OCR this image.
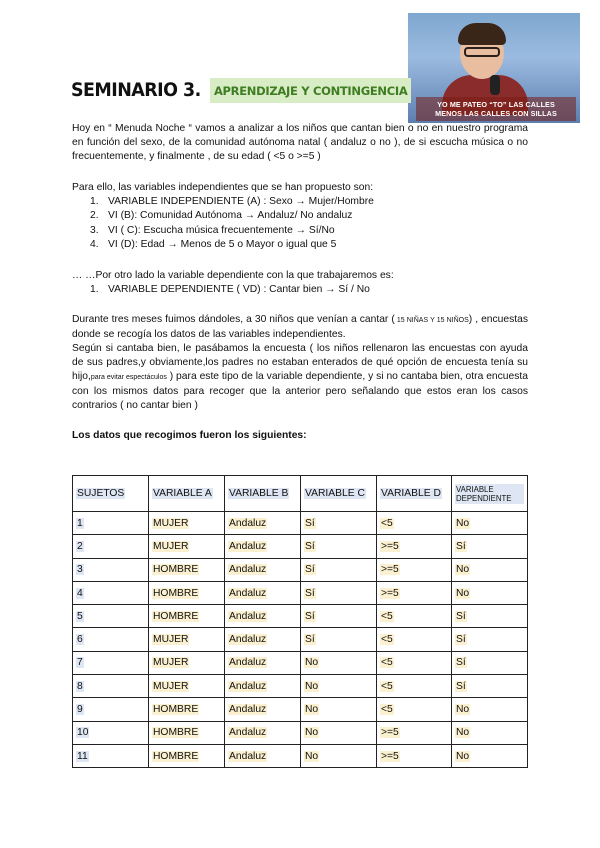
YO ME PATEO “TO” LAS CALLES
MENOS LAS CALLES CON SILLAS
SEMINARIO 3.	APRENDIZAJE Y CONTINGENCIA

Hoy en “ Menuda Noche “ vamos a analizar a los niños que cantan bien o no en nuestro programa en función del sexo, de la comunidad autónoma natal ( andaluz o no ), de si escucha música o no frecuentemente, y finalmente , de su edad ( <5 o >=5 )

Para ello, las variables independientes que se han propuesto son:

1. VARIABLE INDEPENDIENTE (A) : Sexo → Mujer/Hombre
2. VI (B): Comunidad Autónoma → Andaluz/ No andaluz
3. VI ( C): Escucha música frecuentemente → Sí/No
4. VI (D): Edad → Menos de 5 o Mayor o igual que 5

… …Por otro lado la variable dependiente con la que trabajaremos es:

1. VARIABLE DEPENDIENTE ( VD) : Cantar bien → Sí / No

Durante tres meses fuimos dándoles, a 30 niños que venían a cantar ( 15 NIÑAS Y 15 NIÑOS) , encuestas donde se recogía los datos de las variables independientes.

Según si cantaba bien, le pasábamos la encuesta ( los niños rellenaron las encuestas con ayuda de sus padres,y obviamente,los padres no estaban enterados de qué opción de encuesta tenía su hijo,para evitar espectáculos ) para este tipo de la variable dependiente, y si no cantaba bien, otra encuesta con los mismos datos para recoger que la anterior pero señalando que estos eran los casos contrarios ( no cantar bien )

Los datos que recogimos fueron los siguientes:
SUJETOS	VARIABLE A	VARIABLE B	VARIABLE C	VARIABLE D	VARIABLE DEPENDIENTE
1	MUJER	Andaluz	Sí	<5	No
2	MUJER	Andaluz	Sí	>=5	Sí
3	HOMBRE	Andaluz	Sí	>=5	No
4	HOMBRE	Andaluz	Sí	>=5	No
5	HOMBRE	Andaluz	Sí	<5	Sí
6	MUJER	Andaluz	Sí	<5	Sí
7	MUJER	Andaluz	No	<5	Sí
8	MUJER	Andaluz	No	<5	Sí
9	HOMBRE	Andaluz	No	<5	No
10	HOMBRE	Andaluz	No	>=5	No
11	HOMBRE	Andaluz	No	>=5	No
